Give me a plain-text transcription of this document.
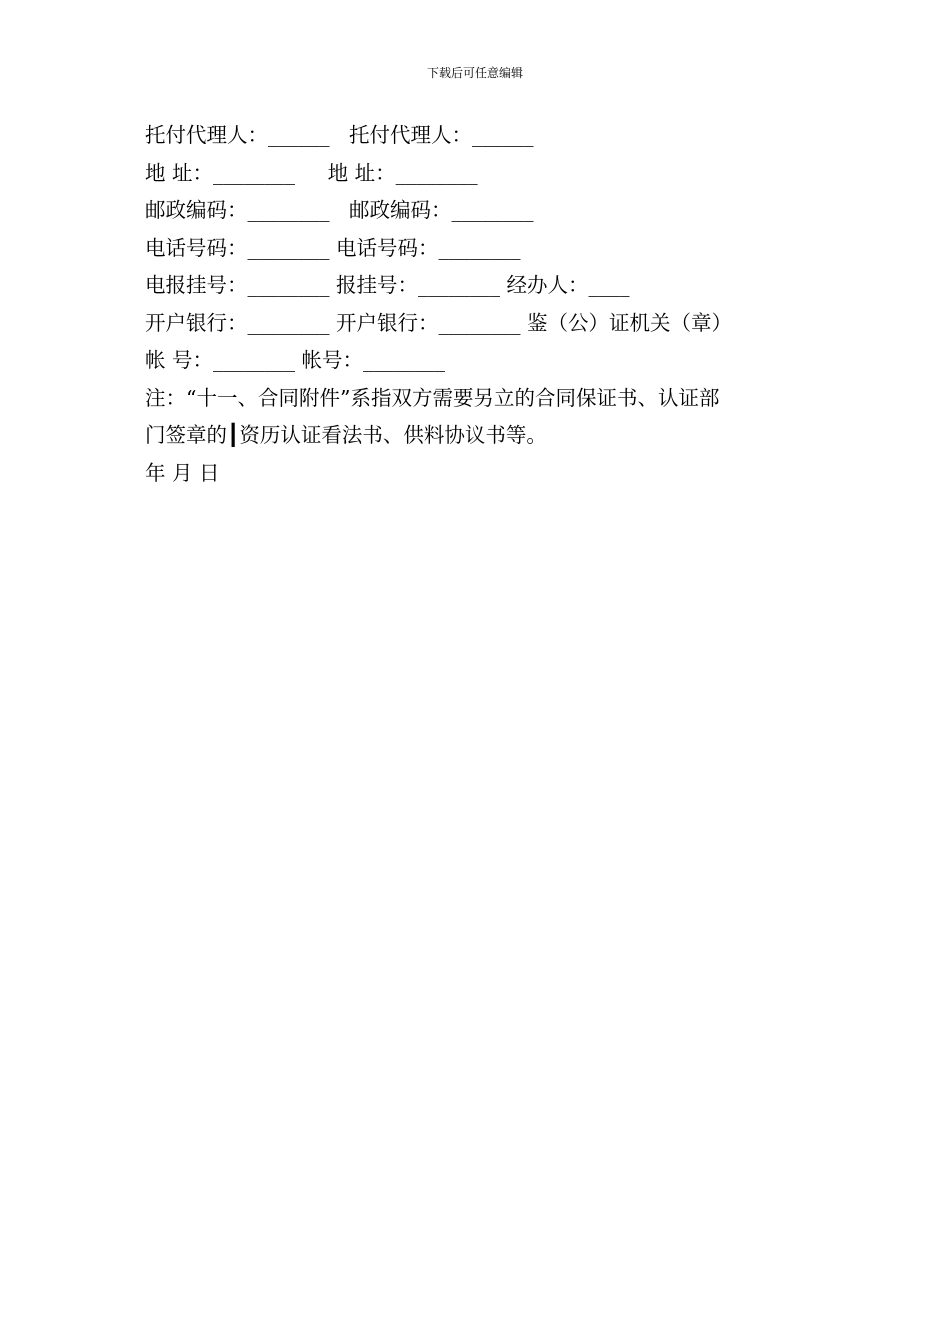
下载后可任意编辑
托付代理人：______   托付代理人：______
地 址：________     地 址：________
邮政编码：________   邮政编码：________
电话号码：________ 电话号码：________
电报挂号：________ 报挂号：________ 经办人：____
开户银行：________ 开户银行：________ 鉴（公）证机关（章）
帐 号：________ 帐号：________
注：“十一、合同附件”系指双方需要另立的合同保证书、认证部
门签章的┃资历认证看法书、供料协议书等。
年 月 日
